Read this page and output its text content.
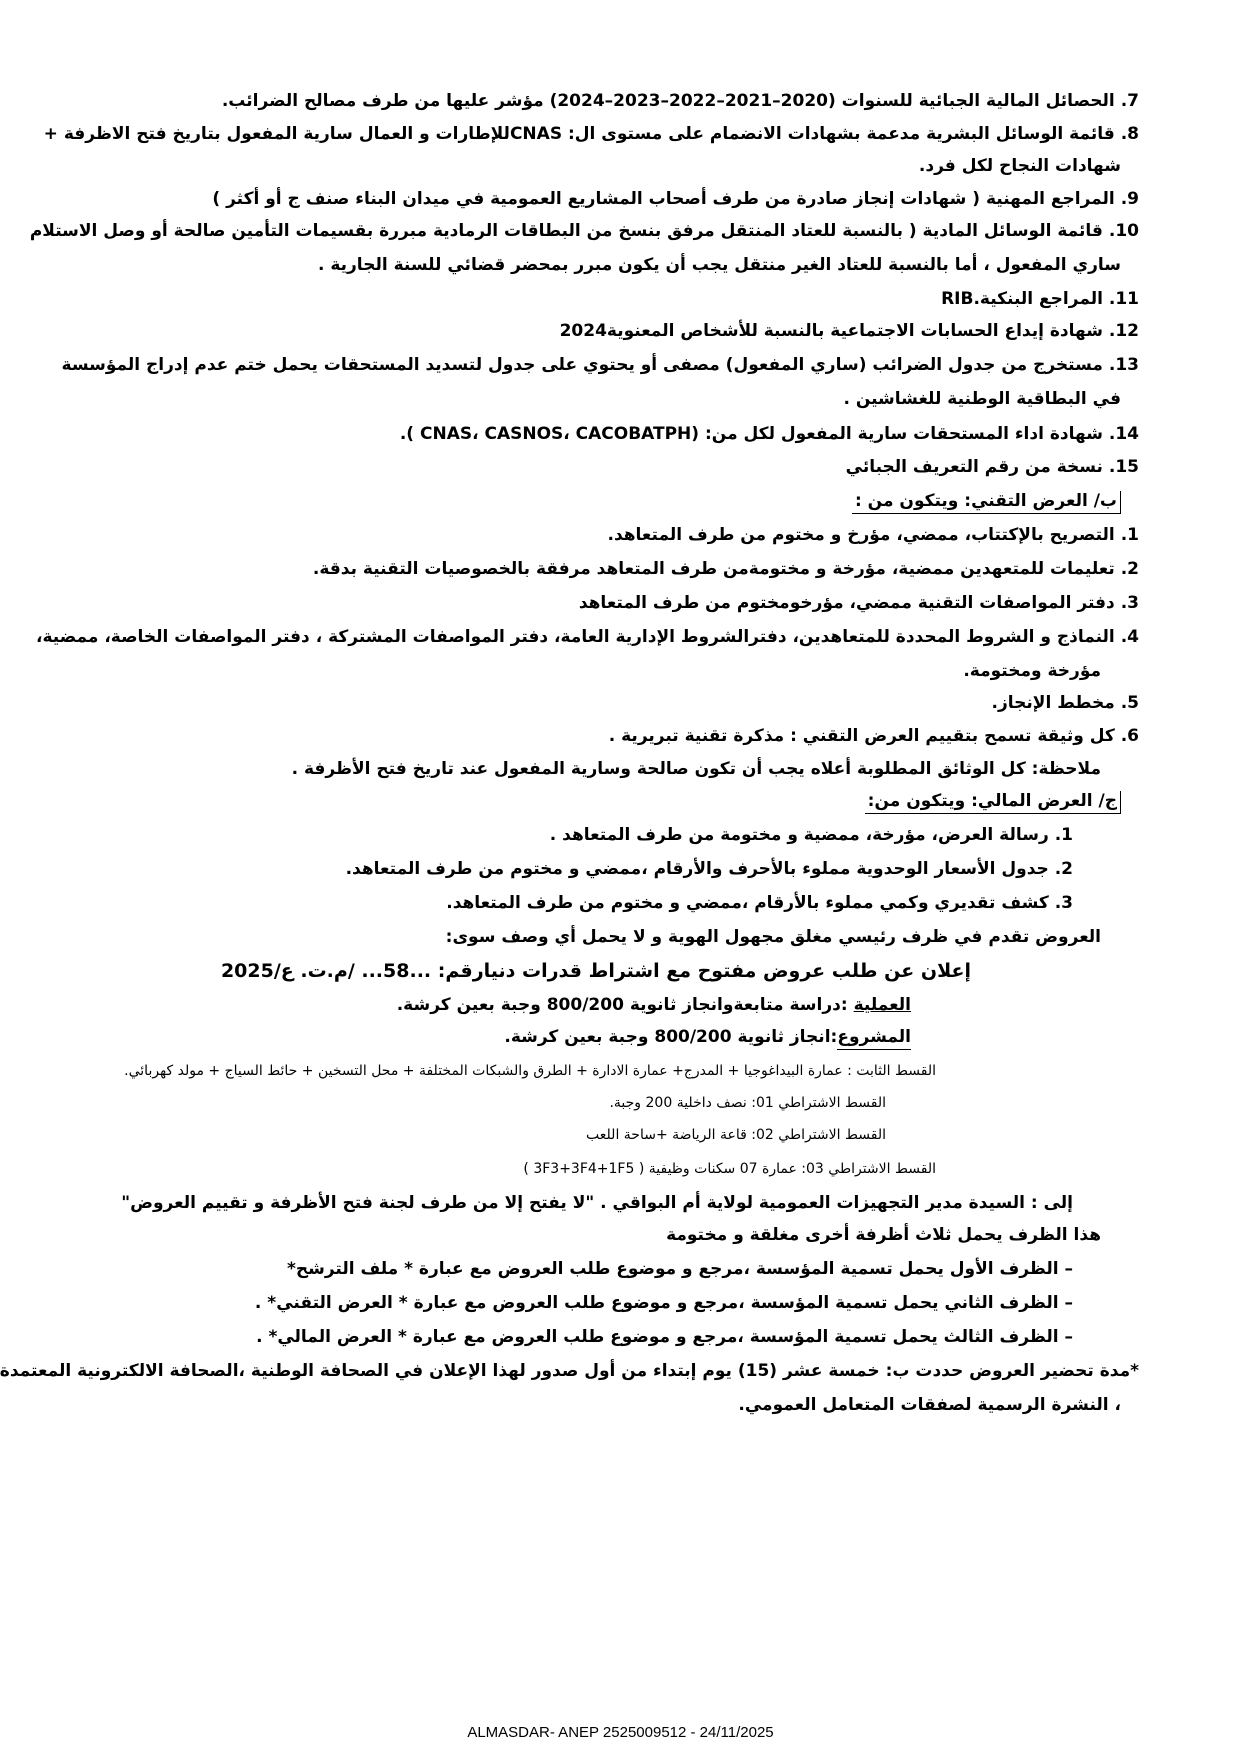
7. الحصائل المالية الجبائية للسنوات (2020–2021–2022–2023–2024) مؤشر عليها من طرف مصالح الضرائب.
8. قائمة الوسائل البشرية مدعمة بشهادات الانضمام على مستوى ال: CNASللإطارات و العمال سارية المفعول بتاريخ فتح الاظرفة +
شهادات النجاح لكل فرد.
9. المراجع المهنية ( شهادات إنجاز صادرة من طرف أصحاب المشاريع العمومية في ميدان البناء صنف ج أو أكثر )
10. قائمة الوسائل المادية ( بالنسبة للعتاد المنتقل مرفق بنسخ من البطاقات الرمادية مبررة بقسيمات التأمين صالحة أو وصل الاستلام
ساري المفعول ، أما بالنسبة للعتاد الغير منتقل يجب أن يكون مبرر بمحضر قضائي للسنة الجارية .
11. المراجع البنكية.RIB
12. شهادة إيداع الحسابات الاجتماعية بالنسبة للأشخاص المعنوية2024
13. مستخرج من جدول الضرائب (ساري المفعول) مصفى أو يحتوي على جدول لتسديد المستحقات يحمل ختم عدم إدراج المؤسسة
في البطاقية الوطنية للغشاشين .
14. شهادة اداء المستحقات سارية المفعول لكل من: (CNAS، CASNOS، CACOBATPH ).
15. نسخة من رقم التعريف الجبائي
ب/ العرض التقني: ويتكون من :
1. التصريح بالإكتتاب، ممضي، مؤرخ و مختوم من طرف المتعاهد.
2. تعليمات للمتعهدين ممضية، مؤرخة و مختومةمن طرف المتعاهد مرفقة بالخصوصيات التقنية بدقة.
3. دفتر المواصفات التقنية ممضي، مؤرخومختوم من طرف المتعاهد
4. النماذج و الشروط المحددة للمتعاهدين، دفترالشروط الإدارية العامة، دفتر المواصفات المشتركة ، دفتر المواصفات الخاصة، ممضية،
مؤرخة ومختومة.
5. مخطط الإنجاز.
6. كل وثيقة تسمح بتقييم العرض التقني : مذكرة تقنية تبريرية .
ملاحظة: كل الوثائق المطلوبة أعلاه يجب أن تكون صالحة وسارية المفعول عند تاريخ فتح الأظرفة .
ج/ العرض المالي: ويتكون من:
1. رسالة العرض، مؤرخة، ممضية و مختومة من طرف المتعاهد .
2. جدول الأسعار الوحدوية مملوء بالأحرف والأرقام ،ممضي و مختوم من طرف المتعاهد.
3. كشف تقديري وكمي مملوء بالأرقام ،ممضي و مختوم من طرف المتعاهد.
العروض تقدم في ظرف رئيسي مغلق مجهول الهوية و لا يحمل أي وصف سوى:
إعلان عن طلب عروض مفتوح مع اشتراط قدرات دنيارقم: ...58... /م.ت. ع/2025
العملية :دراسة متابعةوانجاز ثانوية 800/200 وجبة بعين كرشة.
المشروع:انجاز ثانوية 800/200 وجبة بعين كرشة.
القسط الثابت : عمارة البيداغوجيا + المدرج+ عمارة الادارة + الطرق والشبكات المختلفة + محل التسخين + حائط السياج + مولد كهربائي.
القسط الاشتراطي 01: نصف داخلية 200 وجبة.
القسط الاشتراطي 02: قاعة الرياضة +ساحة اللعب
القسط الاشتراطي 03: عمارة 07 سكنات وظيفية ( 3F3+3F4+1F5 )
إلى : السيدة مدير التجهيزات العمومية لولاية أم البواقي . "لا يفتح إلا من طرف لجنة فتح الأظرفة و تقييم العروض"
هذا الظرف يحمل ثلاث أظرفة أخرى مغلقة و مختومة
– الظرف الأول يحمل تسمية المؤسسة ،مرجع و موضوع طلب العروض مع عبارة * ملف الترشح*
– الظرف الثاني يحمل تسمية المؤسسة ،مرجع و موضوع طلب العروض مع عبارة * العرض التقني* .
– الظرف الثالث يحمل تسمية المؤسسة ،مرجع و موضوع طلب العروض مع عبارة * العرض المالي* .
*مدة تحضير العروض حددت ب: خمسة عشر (15) يوم إبتداء من أول صدور لهذا الإعلان في الصحافة الوطنية ،الصحافة الالكترونية المعتمدة
، النشرة الرسمية لصفقات المتعامل العمومي.
ALMASDAR- ANEP 2525009512 - 24/11/2025
